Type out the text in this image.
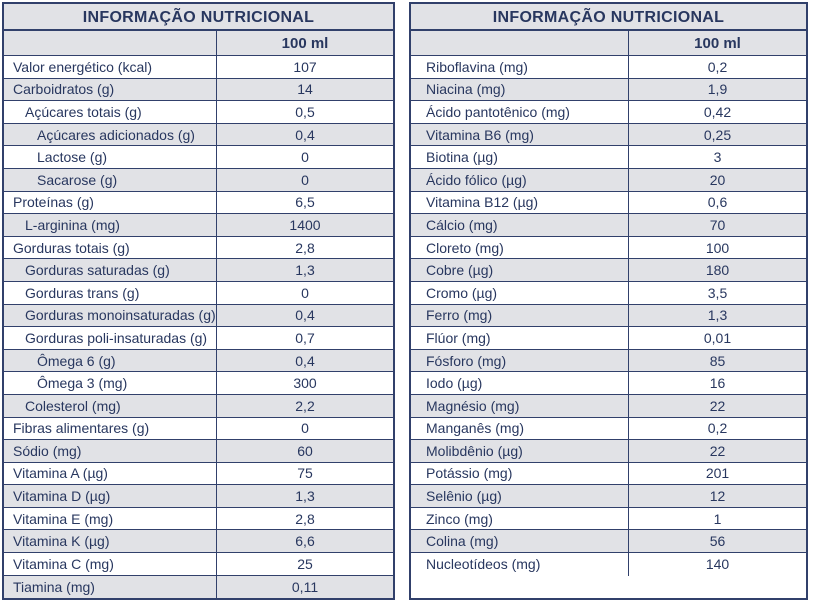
INFORMAÇÃO NUTRICIONAL
100 ml
Valor energético (kcal)	107
Carboidratos (g)	14
Açúcares totais (g)	0,5
Açúcares adicionados (g)	0,4
Lactose (g)	0
Sacarose (g)	0
Proteínas (g)	6,5
L-arginina (mg)	1400
Gorduras totais (g)	2,8
Gorduras saturadas (g)	1,3
Gorduras trans (g)	0
Gorduras monoinsaturadas (g)	0,4
Gorduras poli-insaturadas (g)	0,7
Ômega 6 (g)	0,4
Ômega 3 (mg)	300
Colesterol (mg)	2,2
Fibras alimentares (g)	0
Sódio (mg)	60
Vitamina A (µg)	75
Vitamina D (µg)	1,3
Vitamina E (mg)	2,8
Vitamina K (µg)	6,6
Vitamina C (mg)	25
Tiamina (mg)	0,11
INFORMAÇÃO NUTRICIONAL
100 ml
Riboflavina (mg)	0,2
Niacina (mg)	1,9
Ácido pantotênico (mg)	0,42
Vitamina B6 (mg)	0,25
Biotina (µg)	3
Ácido fólico (µg)	20
Vitamina B12 (µg)	0,6
Cálcio (mg)	70
Cloreto (mg)	100
Cobre (µg)	180
Cromo (µg)	3,5
Ferro (mg)	1,3
Flúor (mg)	0,01
Fósforo (mg)	85
Iodo (µg)	16
Magnésio (mg)	22
Manganês (mg)	0,2
Molibdênio (µg)	22
Potássio (mg)	201
Selênio (µg)	12
Zinco (mg)	1
Colina (mg)	56
Nucleotídeos (mg)	140
